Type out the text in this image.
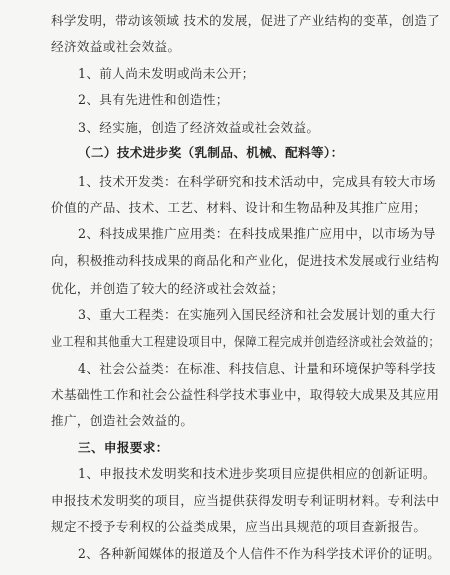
科学发明，带动该领域 技术的发展，促进了产业结构的变革，创造了
经济效益或社会效益。
1、前人尚未发明或尚未公开；
2、具有先进性和创造性；
3、经实施，创造了经济效益或社会效益。
（二）技术进步奖（乳制品、机械、配料等）：
1、技术开发类：在科学研究和技术活动中，完成具有较大市场
价值的产品、技术、工艺、材料、设计和生物品种及其推广应用；
2、科技成果推广应用类：在科技成果推广应用中，以市场为导
向，积极推动科技成果的商品化和产业化，促进技术发展或行业结构
优化，并创造了较大的经济或社会效益；
3、重大工程类：在实施列入国民经济和社会发展计划的重大行
业工程和其他重大工程建设项目中，保障工程完成并创造经济或社会效益的；
4、社会公益类：在标准、科技信息、计量和环境保护等科学技
术基础性工作和社会公益性科学技术事业中，取得较大成果及其应用
推广，创造社会效益的。
三、申报要求：
1、申报技术发明奖和技术进步奖项目应提供相应的创新证明。
申报技术发明奖的项目，应当提供获得发明专利证明材料。专利法中
规定不授予专利权的公益类成果，应当出具规范的项目查新报告。
2、各种新闻媒体的报道及个人信件不作为科学技术评价的证明。
